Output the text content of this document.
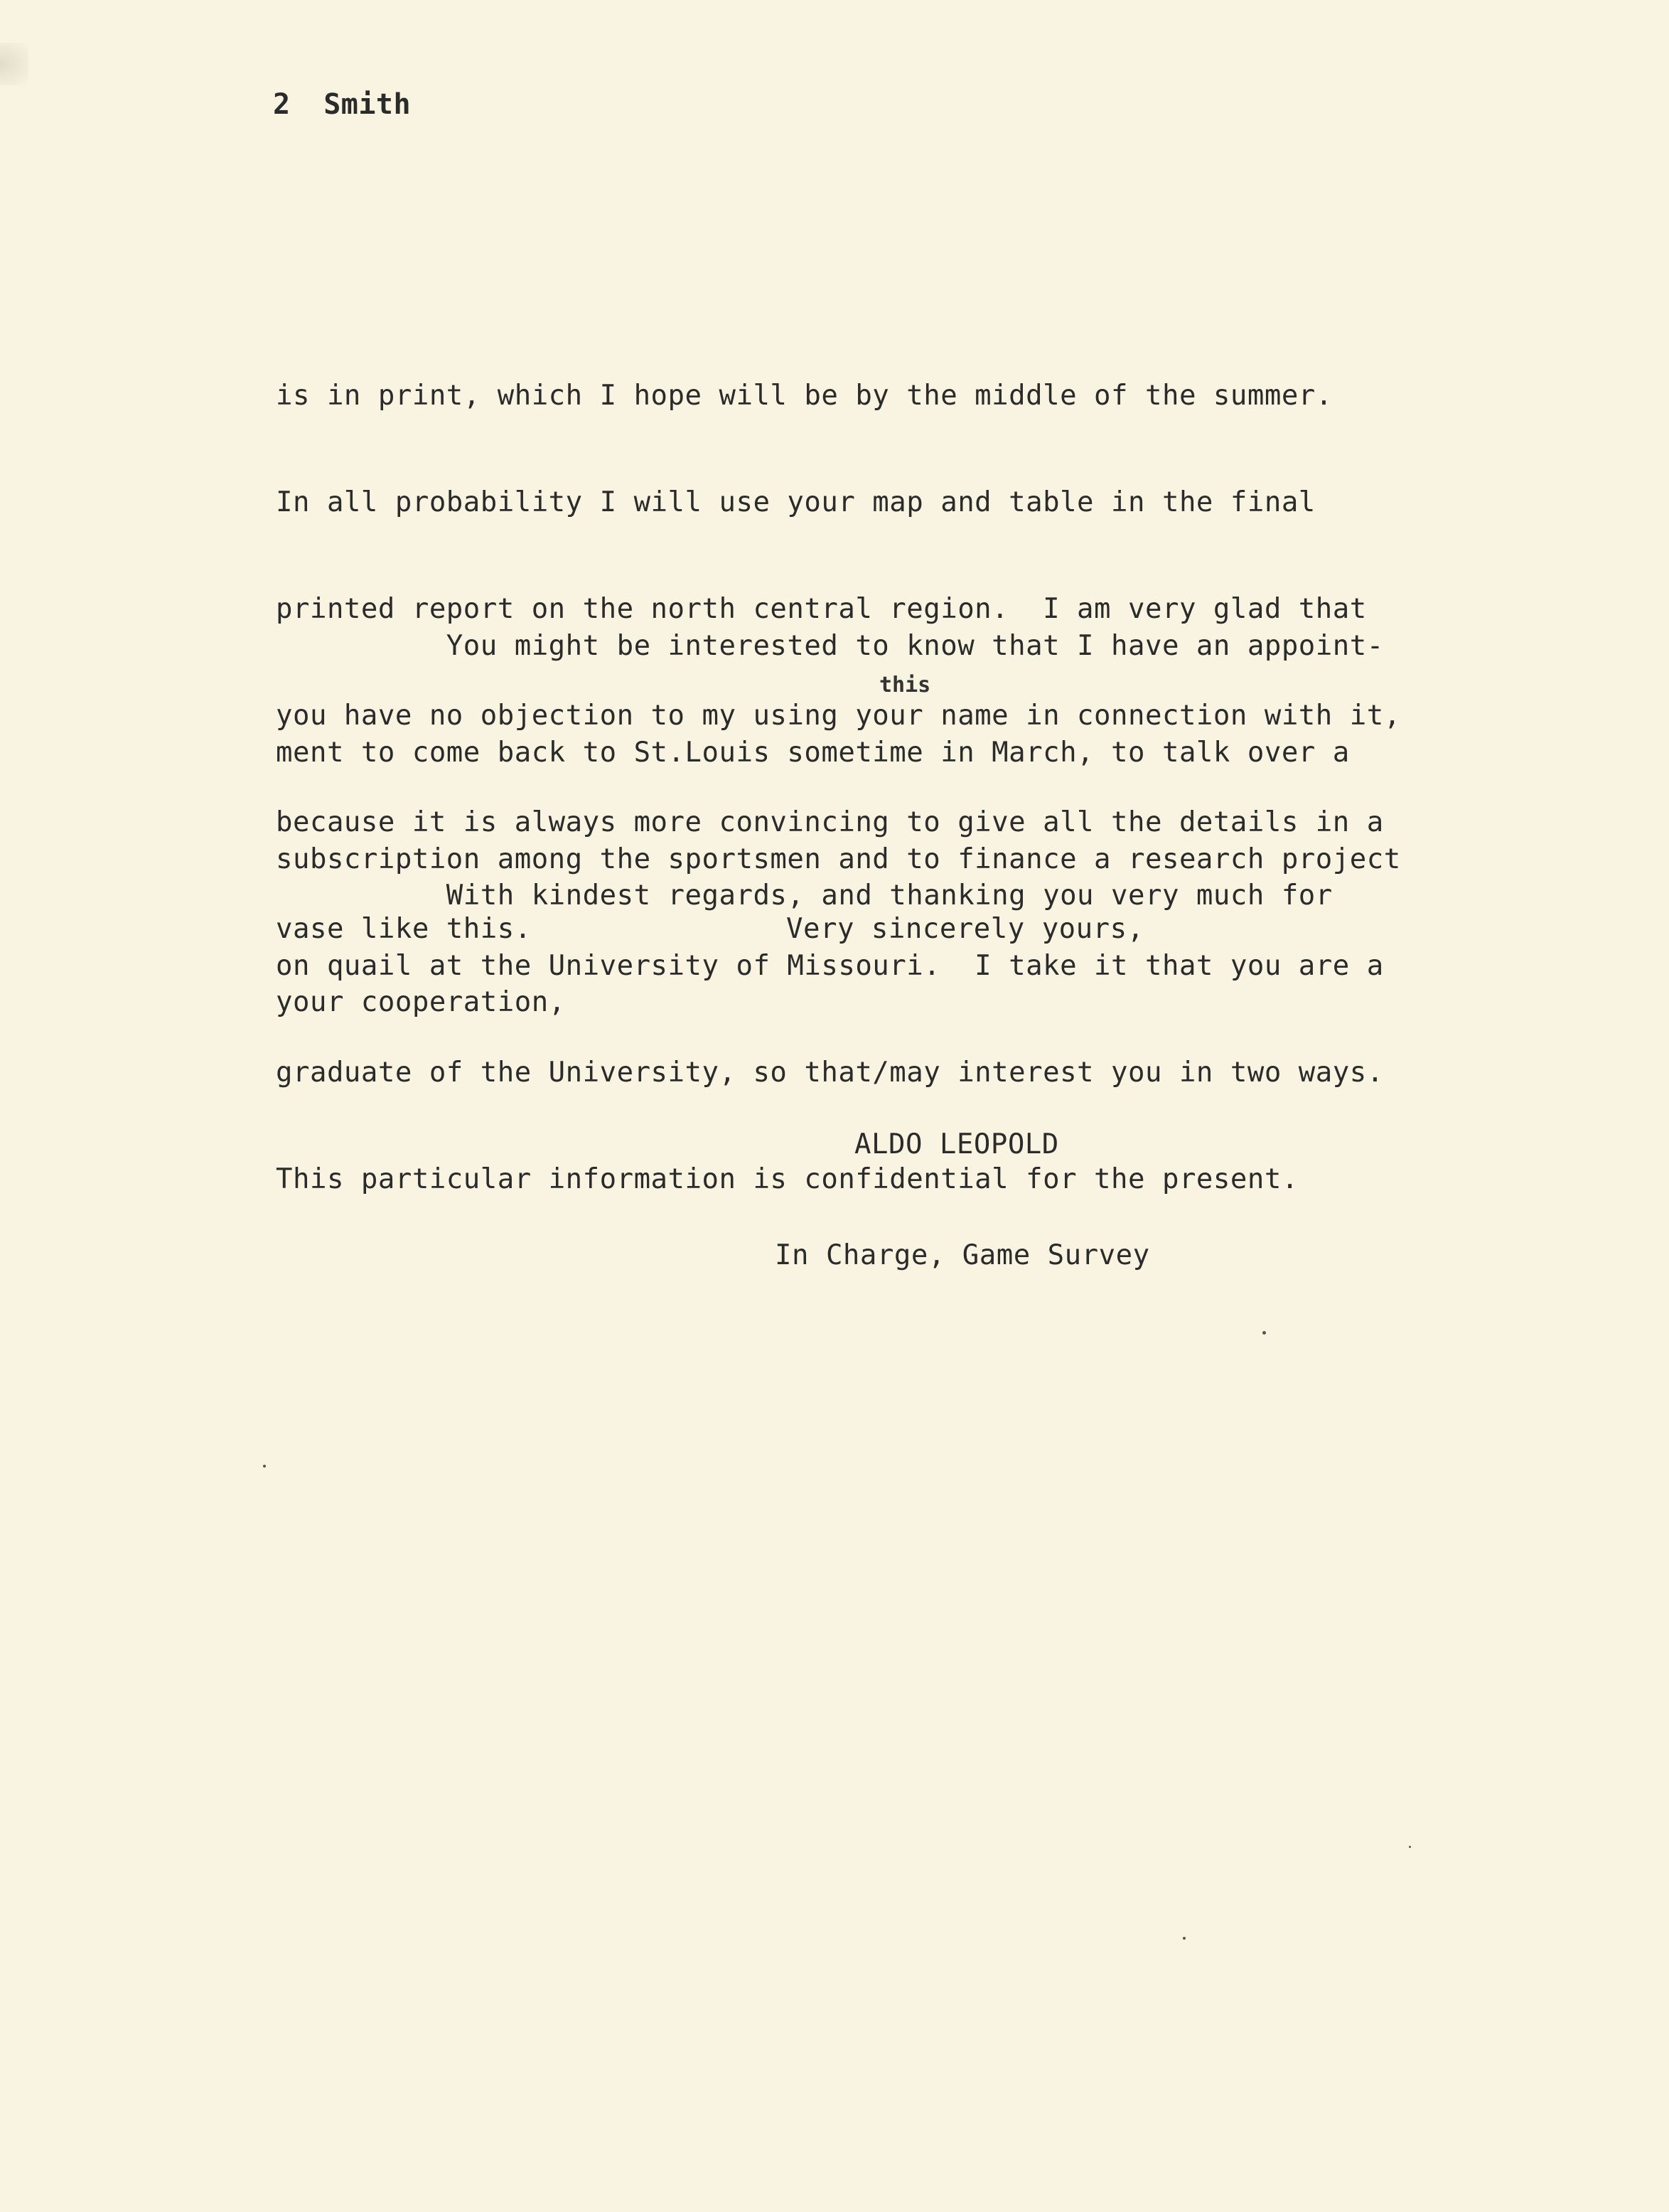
2 Smith

is in print, which I hope will be by the middle of the summer.

In all probability I will use your map and table in the final

printed report on the north central region.  I am very glad that

you have no objection to my using your name in connection with it,

because it is always more convincing to give all the details in a

vase like this.

You might be interested to know that I have an appoint-

ment to come back to St.Louis sometime in March, to talk over a

subscription among the sportsmen and to finance a research project

on quail at the University of Missouri.  I take it that you are a

graduate of the University, so that/may interest you in two ways.

This particular information is confidential for the present.

this

With kindest regards, and thanking you very much for

your cooperation,

Very sincerely yours,

ALDO LEOPOLD

In Charge, Game Survey
